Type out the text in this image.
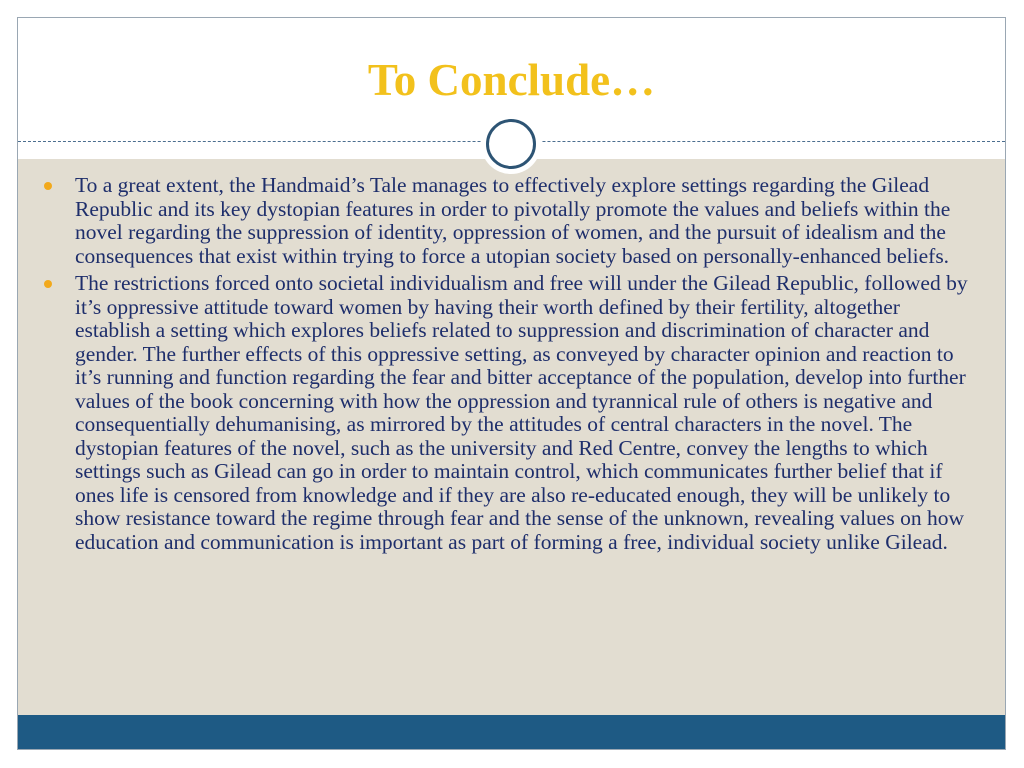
To Conclude…
To a great extent, the Handmaid’s Tale manages to effectively explore settings regarding the Gilead Republic and its key dystopian features in order to pivotally promote the values and beliefs within the novel regarding the suppression of identity, oppression of women, and the pursuit of idealism and the consequences that exist within trying to force a utopian society based on personally-enhanced beliefs.
The restrictions forced onto societal individualism and free will under the Gilead Republic, followed by it’s oppressive attitude toward women by having their worth defined by their fertility, altogether establish a setting which explores beliefs related to suppression and discrimination of character and gender. The further effects of this oppressive setting, as conveyed by character opinion and reaction to it’s running and function regarding the fear and bitter acceptance of the population, develop into further values of the book concerning with how the oppression and tyrannical rule of others is negative and consequentially dehumanising, as mirrored by the attitudes of central characters in the novel. The dystopian features of the novel, such as the university and Red Centre, convey the lengths to which settings such as Gilead can go in order to maintain control, which communicates further belief that if ones life is censored from knowledge and if they are also re-educated enough, they will be unlikely to show resistance toward the regime through fear and the sense of the unknown, revealing values on how education and communication is important as part of forming a free, individual society unlike Gilead.
